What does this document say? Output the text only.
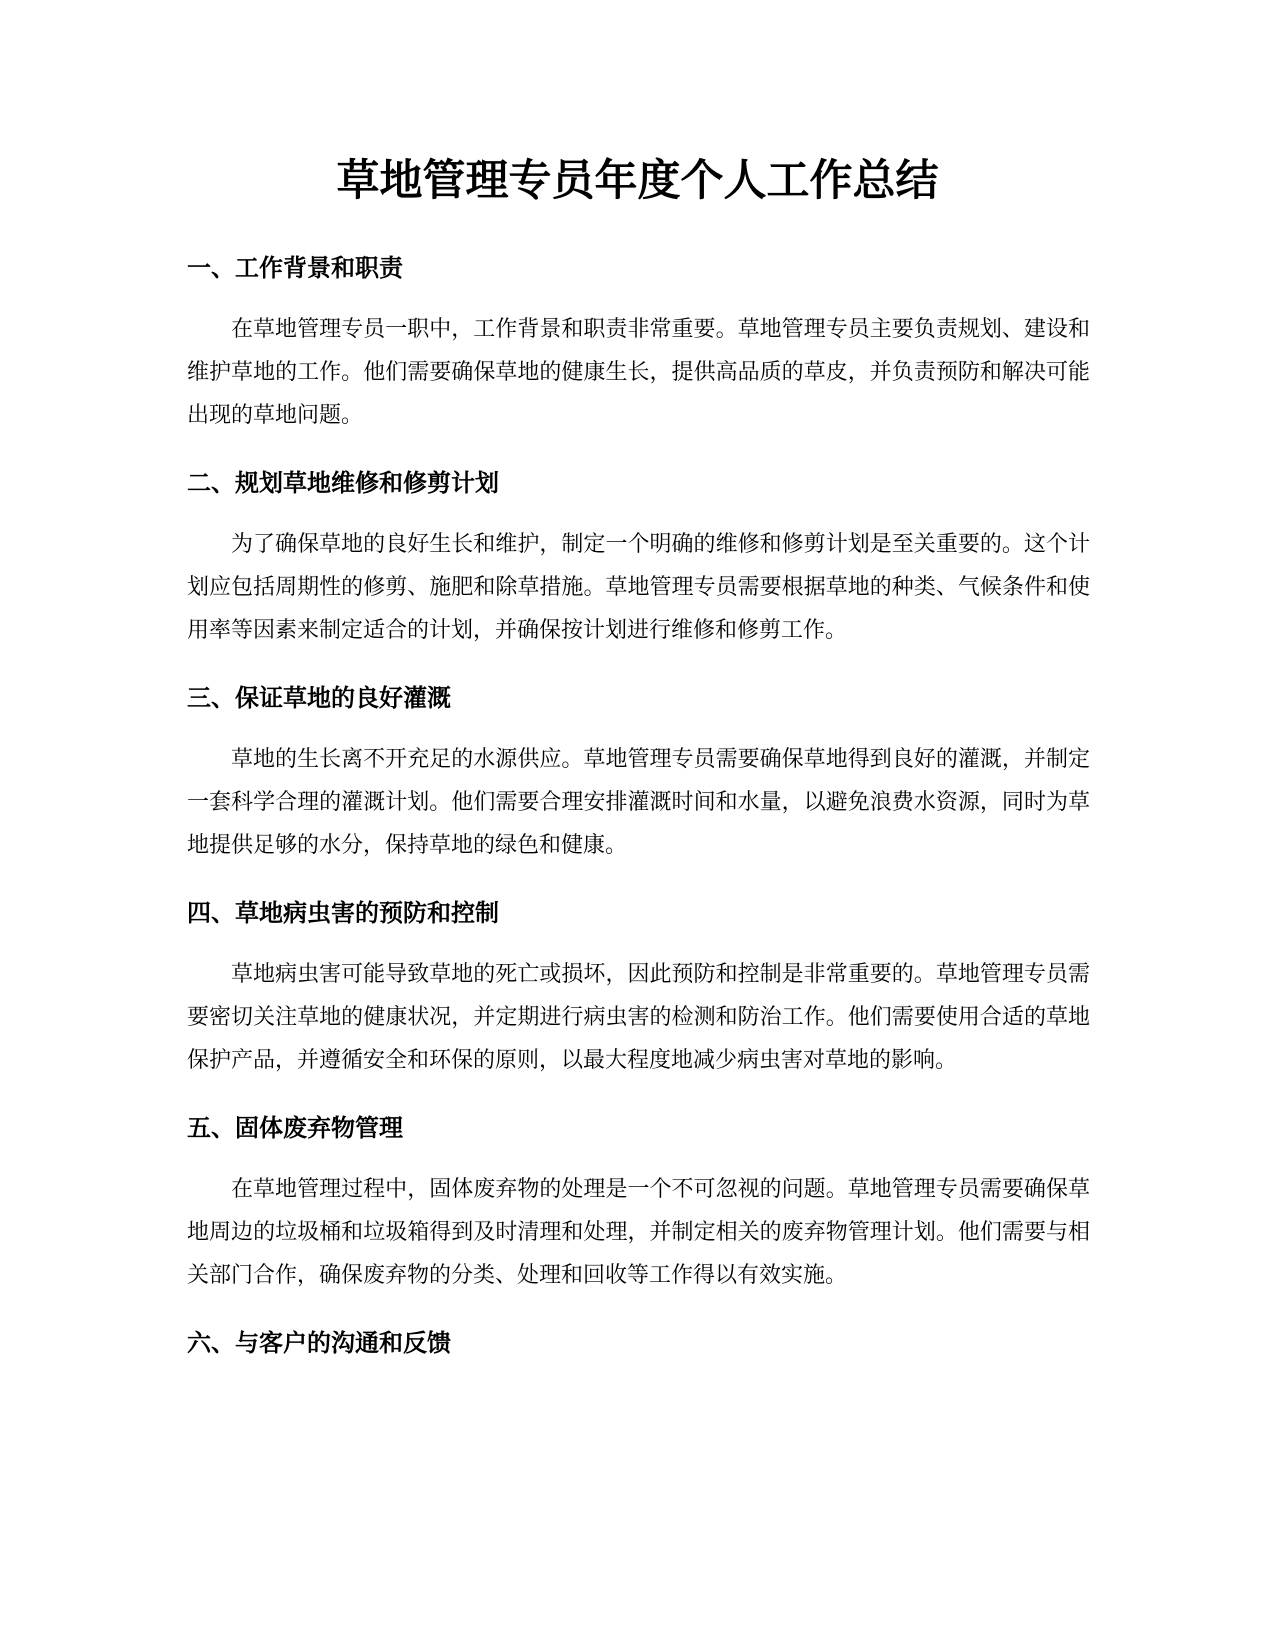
草地管理专员年度个人工作总结
一、工作背景和职责

在草地管理专员一职中，工作背景和职责非常重要。草地管理专员主要负责规划、建设和维护草地的工作。他们需要确保草地的健康生长，提供高品质的草皮，并负责预防和解决可能出现的草地问题。

二、规划草地维修和修剪计划

为了确保草地的良好生长和维护，制定一个明确的维修和修剪计划是至关重要的。这个计划应包括周期性的修剪、施肥和除草措施。草地管理专员需要根据草地的种类、气候条件和使用率等因素来制定适合的计划，并确保按计划进行维修和修剪工作。

三、保证草地的良好灌溉

草地的生长离不开充足的水源供应。草地管理专员需要确保草地得到良好的灌溉，并制定一套科学合理的灌溉计划。他们需要合理安排灌溉时间和水量，以避免浪费水资源，同时为草地提供足够的水分，保持草地的绿色和健康。

四、草地病虫害的预防和控制

草地病虫害可能导致草地的死亡或损坏，因此预防和控制是非常重要的。草地管理专员需要密切关注草地的健康状况，并定期进行病虫害的检测和防治工作。他们需要使用合适的草地保护产品，并遵循安全和环保的原则，以最大程度地减少病虫害对草地的影响。

五、固体废弃物管理

在草地管理过程中，固体废弃物的处理是一个不可忽视的问题。草地管理专员需要确保草地周边的垃圾桶和垃圾箱得到及时清理和处理，并制定相关的废弃物管理计划。他们需要与相关部门合作，确保废弃物的分类、处理和回收等工作得以有效实施。

六、与客户的沟通和反馈
